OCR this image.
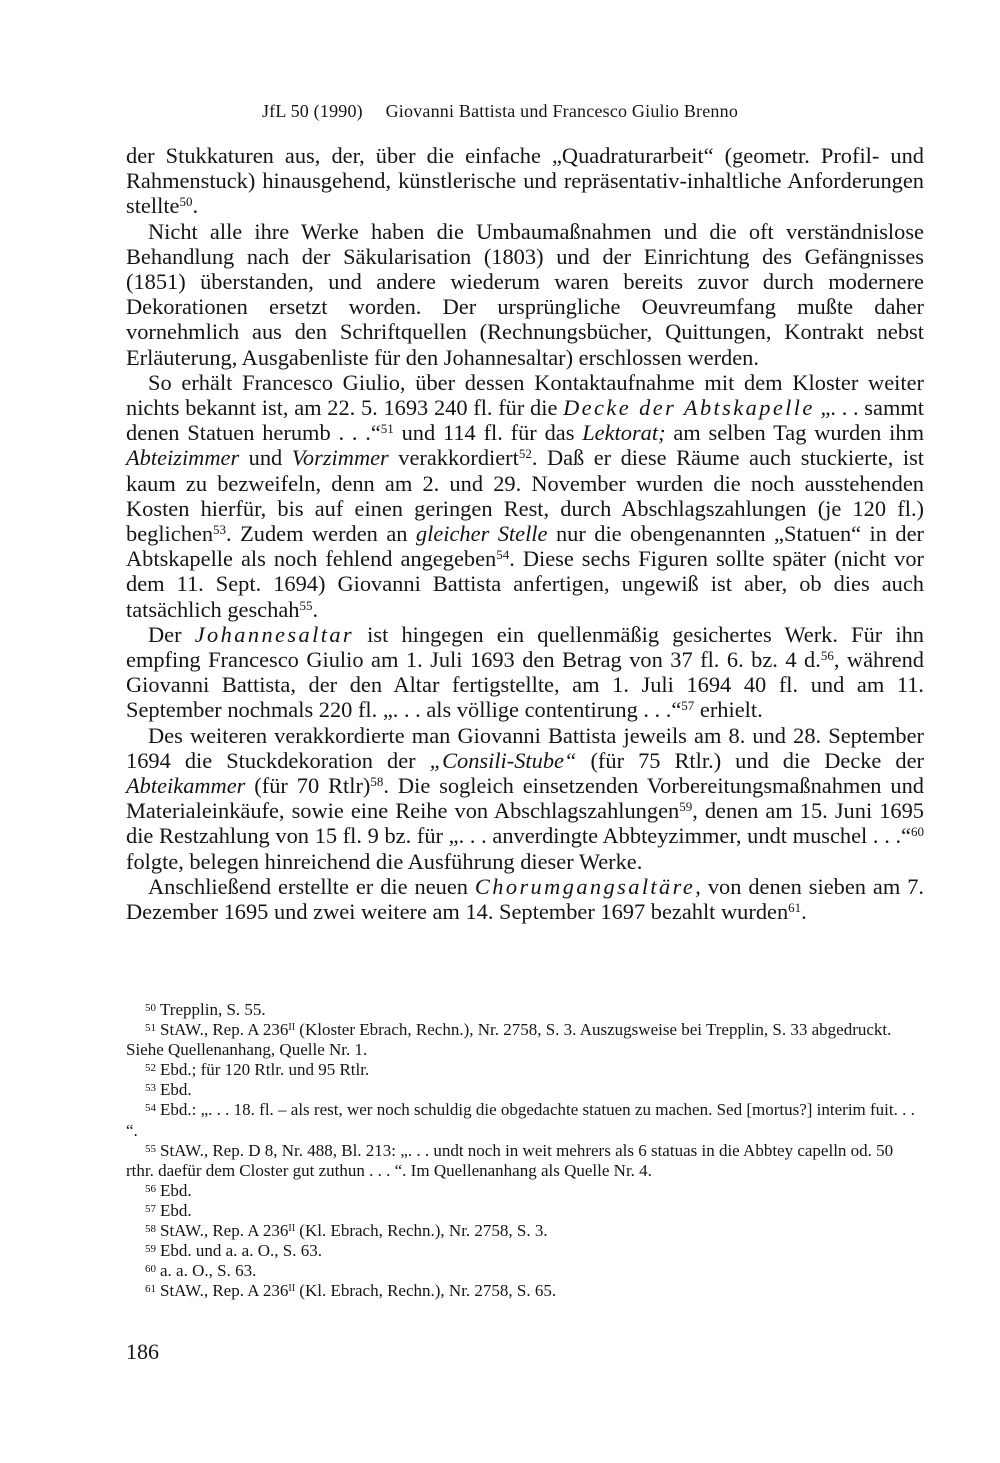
JfL 50 (1990) Giovanni Battista und Francesco Giulio Brenno

der Stukkaturen aus, der, über die einfache „Quadraturarbeit“ (geometr. Profil- und Rahmenstuck) hinausgehend, künstlerische und repräsentativ-inhaltliche Anforderungen stellte$^{50}$.

Nicht alle ihre Werke haben die Umbaumaßnahmen und die oft verständnislose Behandlung nach der Säkularisation (1803) und der Einrichtung des Gefängnisses (1851) überstanden, und andere wiederum waren bereits zuvor durch modernere Dekorationen ersetzt worden. Der ursprüngliche Oeuvreumfang mußte daher vornehmlich aus den Schriftquellen (Rechnungsbücher, Quittungen, Kontrakt nebst Erläuterung, Ausgabenliste für den Johannesaltar) erschlossen werden.

So erhält Francesco Giulio, über dessen Kontaktaufnahme mit dem Kloster weiter nichts bekannt ist, am 22. 5. 1693 240 fl. für die Decke der Abtskapelle „. . . sammt denen Statuen herumb . . .“$^{51}$ und 114 fl. für das Lektorat; am selben Tag wurden ihm Abteizimmer und Vorzimmer verakkordiert$^{52}$. Daß er diese Räume auch stuckierte, ist kaum zu bezweifeln, denn am 2. und 29. November wurden die noch ausstehenden Kosten hierfür, bis auf einen geringen Rest, durch Abschlagszahlungen (je 120 fl.) beglichen$^{53}$. Zudem werden an gleicher Stelle nur die obengenannten „Statuen“ in der Abtskapelle als noch fehlend angegeben$^{54}$. Diese sechs Figuren sollte später (nicht vor dem 11. Sept. 1694) Giovanni Battista anfertigen, ungewiß ist aber, ob dies auch tatsächlich geschah$^{55}$.

Der Johannesaltar ist hingegen ein quellenmäßig gesichertes Werk. Für ihn empfing Francesco Giulio am 1. Juli 1693 den Betrag von 37 fl. 6. bz. 4 d.$^{56}$, während Giovanni Battista, der den Altar fertigstellte, am 1. Juli 1694 40 fl. und am 11. September nochmals 220 fl. „. . . als völlige contentirung . . .“$^{57}$ erhielt.

Des weiteren verakkordierte man Giovanni Battista jeweils am 8. und 28. September 1694 die Stuckdekoration der „Consili-Stube“ (für 75 Rtlr.) und die Decke der Abteikammer (für 70 Rtlr)$^{58}$. Die sogleich einsetzenden Vorbereitungsmaßnahmen und Materialeinkäufe, sowie eine Reihe von Abschlagszahlungen$^{59}$, denen am 15. Juni 1695 die Restzahlung von 15 fl. 9 bz. für „. . . anverdingte Abbteyzimmer, undt muschel . . .“$^{60}$ folgte, belegen hinreichend die Ausführung dieser Werke.

Anschließend erstellte er die neuen Chorumgangsaltäre, von denen sieben am 7. Dezember 1695 und zwei weitere am 14. September 1697 bezahlt wurden$^{61}$.

$^{50}$ Trepplin, S. 55.

$^{51}$ StAW., Rep. A $236^{II}$ (Kloster Ebrach, Rechn.), Nr. 2758, S. 3. Auszugsweise bei Trepplin, S. 33 abgedruckt. Siehe Quellenanhang, Quelle Nr. 1.

$^{52}$ Ebd.; für 120 Rtlr. und 95 Rtlr.

$^{53}$ Ebd.

$^{54}$ Ebd.: „. . . 18. fl. – als rest, wer noch schuldig die obgedachte statuen zu machen. Sed [mortus?] interim fuit. . . “.

$^{55}$ StAW., Rep. D 8, Nr. 488, Bl. 213: „. . . undt noch in weit mehrers als 6 statuas in die Abbtey capelln od. 50 rthr. daefür dem Closter gut zuthun . . . “. Im Quellenanhang als Quelle Nr. 4.

$^{56}$ Ebd.

$^{57}$ Ebd.

$^{58}$ StAW., Rep. A $236^{II}$ (Kl. Ebrach, Rechn.), Nr. 2758, S. 3.

$^{59}$ Ebd. und a. a. O., S. 63.

$^{60}$ a. a. O., S. 63.

$^{61}$ StAW., Rep. A $236^{II}$ (Kl. Ebrach, Rechn.), Nr. 2758, S. 65.

186
